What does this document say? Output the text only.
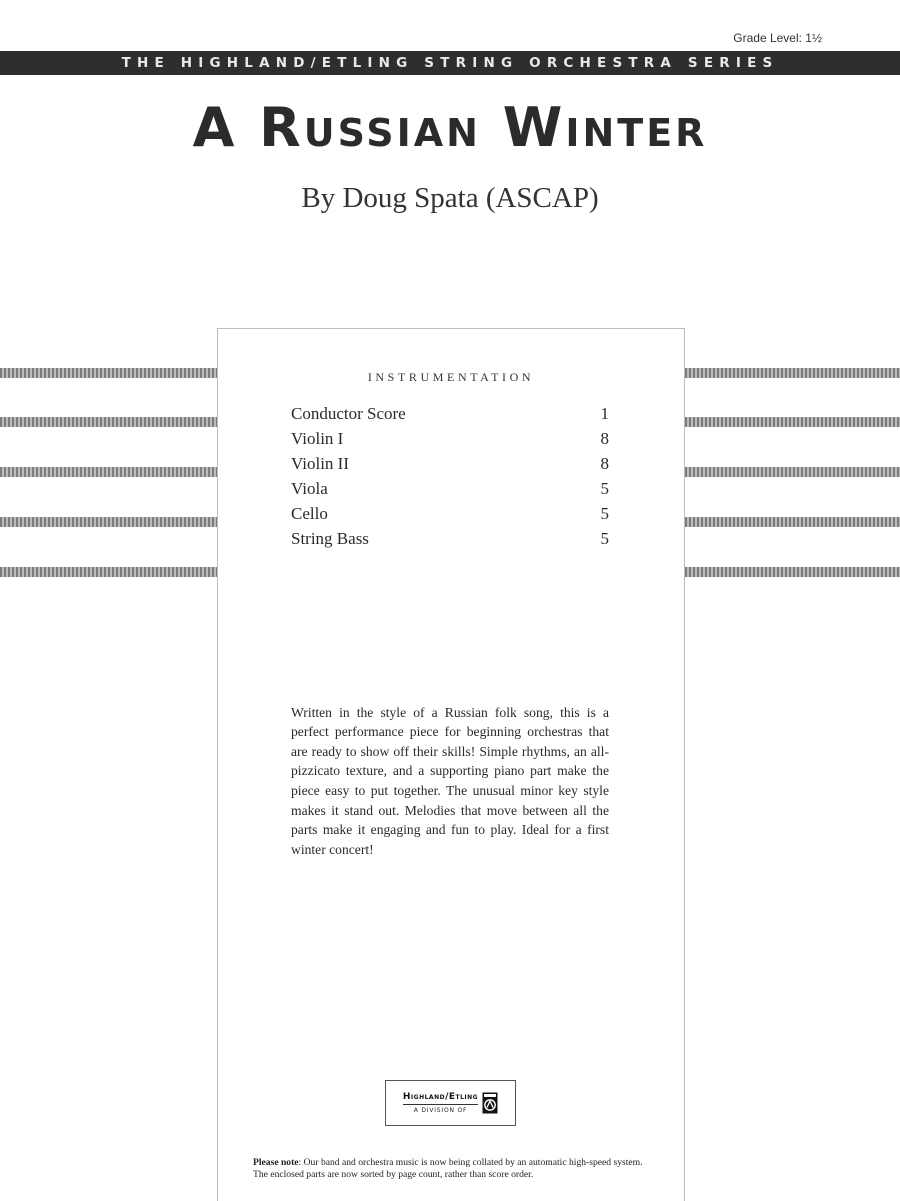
Grade Level: 1½
THE HIGHLAND/ETLING STRING ORCHESTRA SERIES
A Russian Winter
By Doug Spata (ASCAP)
INSTRUMENTATION
Conductor Score	1
Violin I	8
Violin II	8
Viola	5
Cello	5
String Bass	5

Written in the style of a Russian folk song, this is a perfect performance piece for beginning orchestras that are ready to show off their skills! Simple rhythms, an all-pizzicato texture, and a supporting piano part make the piece easy to put together. The unusual minor key style makes it stand out. Melodies that move between all the parts make it engaging and fun to play. Ideal for a first winter concert!

Highland/Etling
A DIVISION OF

Please note: Our band and orchestra music is now being collated by an automatic high-speed system. The enclosed parts are now sorted by page count, rather than score order.
